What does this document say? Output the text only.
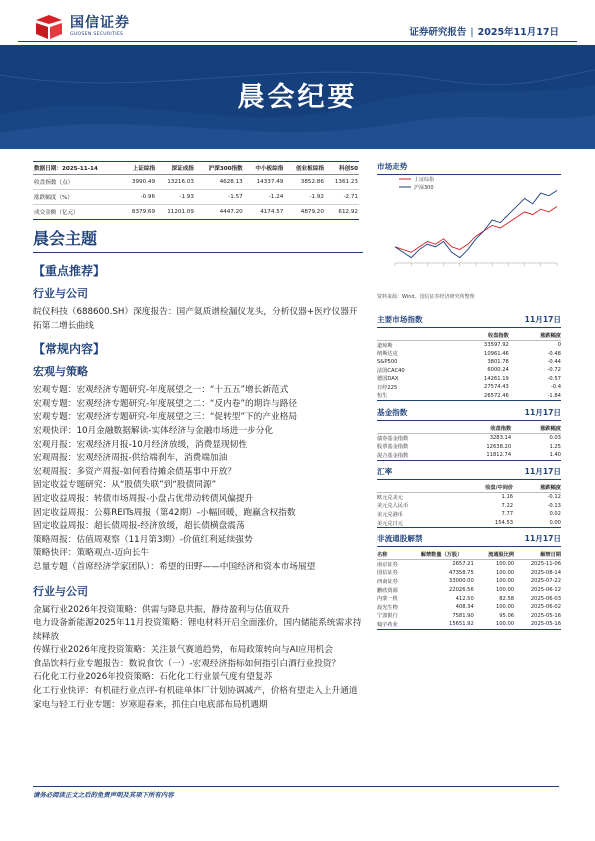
国信证券
GUOSEN SECURITIES	证券研究报告 | 2025年11月17日
晨会纪要
数据日期：2025-11-14	上证综指	深证成指	沪深300指数	中小板综指	创业板综指	科创50
收盘指数（点）	3990.49	13216.03	4628.13	14337.49	3852.86	1361.23
涨跌幅度（%）	-0.96	-1.93	-1.57	-1.24	-1.92	-2.71
成交金额（亿元）	8379.69	11201.09	4447.20	4174.57	4879.20	612.92
晨会主题
【重点推荐】
行业与公司
皖仪科技（688600.SH）深度报告：国产氦质谱检漏仪龙头，分析仪器+医疗仪器开拓第二增长曲线
【常规内容】
宏观与策略
宏观专题：宏观经济专题研究-年度展望之一：“十五五”增长新范式
宏观专题：宏观经济专题研究-年度展望之二：“反内卷”的期许与路径
宏观专题：宏观经济专题研究-年度展望之三：“促转型”下的产业格局
宏观快评：10月金融数据解读-实体经济与金融市场进一步分化
宏观月报：宏观经济月报-10月经济放缓，消费显现韧性
宏观周报：宏观经济周报-供给端刹车，消费端加油
宏观周报：多资产周报-如何看待摊余债基事中开放？
固定收益专题研究：从“股债失联”到“股债同源”
固定收益周报：转债市场周报-小盘占优带动转债风偏提升
固定收益周报：公募REITs周报（第42期）-小幅回暖，跑赢含权指数
固定收益周报：超长债周报-经济放缓，超长债横盘震荡
策略周报：估值周观察（11月第3期）-价值红利延续强势
策略快评：策略观点-迈向长牛
总量专题（首席经济学家团队）：希望的田野——中国经济和资本市场展望
行业与公司
金属行业2026年投资策略：供需与降息共振，静待盈利与估值双升
电力设备新能源2025年11月投资策略：锂电材料开启全面涨价，国内储能系统需求持续释放
传媒行业2026年度投资策略：关注景气赛道趋势，布局政策转向与AI应用机会
食品饮料行业专题报告：数说食饮（一）-宏观经济指标如何指引白酒行业投资？
石化化工行业2026年投资策略：石化化工行业景气度有望复苏
化工行业快评：有机硅行业点评-有机硅单体厂计划协调减产，价格有望走入上升通道
家电与轻工行业专题：岁寒迎春来，抓住白电底部布局机遇期
市场走势
上证综指
沪深300
资料来源：Wind、国信证券经济研究所整理
主要市场指数	11月17日
	收盘指数	涨跌幅度
道琼斯	33597.92	0
纳斯达克	10961.46	-0.48
S&P500	3801.78	-0.44
法国CAC40	6000.24	-0.72
德国DAX	14261.19	-0.57
日经225	27574.43	-0.4
恒生	26572.46	-1.84
基金指数	11月17日
	收盘指数	涨跌幅度
债券基金指数	3283.14	0.03
股票基金指数	12638.20	1.25
混合基金指数	11812.74	1.40
汇率	11月17日
	收盘/中间价	涨跌幅度
欧元兑美元	1.16	-0.12
美元兑人民币	7.22	-0.13
美元兑港币	7.77	0.02
美元兑日元	154.53	0.00
非流通股解禁	11月17日
名称	解禁数量（万股）	流通股比例	解禁日期
南京证券	2657.21	100.00	2025-11-06
国信证券	47358.75	100.00	2025-08-14
西南证券	33000.00	100.00	2025-07-22
鹏欣资源	22026.56	100.00	2025-06-12
内蒙一机	412.50	82.58	2025-06-03
晨光生物	408.34	100.00	2025-06-02
宁波银行	7581.90	95.06	2025-05-16
翰宇药业	15651.92	100.00	2025-05-16
请务必阅读正文之后的免责声明及其项下所有内容
